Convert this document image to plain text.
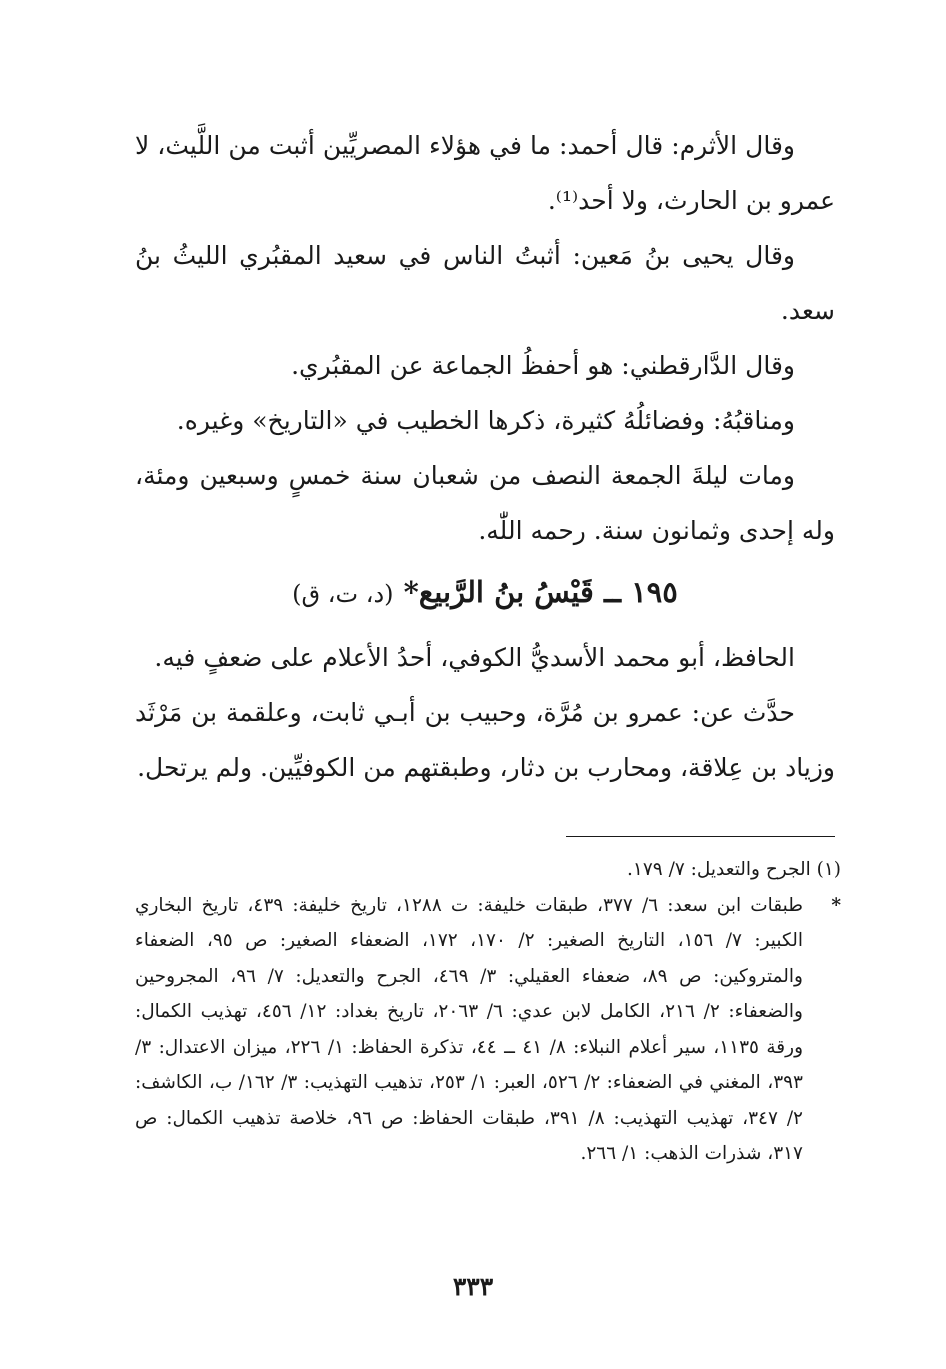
وقال الأثرم: قال أحمد: ما في هؤلاء المصريِّين أثبت من اللَّيث، لا عمرو بن الحارث، ولا أحد⁽¹⁾.

وقال يحيى بنُ مَعين: أثبتُ الناس في سعيد المقبُري الليثُ بنُ سعد.

وقال الدَّارقطني: هو أحفظُ الجماعة عن المقبُري.

ومناقبُهُ: وفضائلُهُ كثيرة، ذكرها الخطيب في «التاريخ» وغيره.

ومات ليلةَ الجمعة النصف من شعبان سنة خمسٍ وسبعين ومئة، وله إحدى وثمانون سنة. رحمه اللّٰه.

١٩٥ ــ قَيْسُ بنُ الرَّبيع* (د، ت، ق)

الحافظ، أبو محمد الأسديُّ الكوفي، أحدُ الأعلام على ضعفٍ فيه.

حدَّث عن: عمرو بن مُرَّة، وحبيب بن أبـي ثابت، وعلقمة بن مَرْثَد وزياد بن عِلاقة، ومحارب بن دثار، وطبقتهم من الكوفيِّين. ولم يرتحل.

(١) الجرح والتعديل: ٧/ ١٧٩.

*
طبقات ابن سعد: ٦/ ٣٧٧، طبقات خليفة: ت ١٢٨٨، تاريخ خليفة: ٤٣٩، تاريخ البخاري الكبير: ٧/ ١٥٦، التاريخ الصغير: ٢/ ١٧٠، ١٧٢، الضعفاء الصغير: ص ٩٥، الضعفاء والمتروكين: ص ٨٩، ضعفاء العقيلي: ٣/ ٤٦٩، الجرح والتعديل: ٧/ ٩٦، المجروحين والضعفاء: ٢/ ٢١٦، الكامل لابن عدي: ٦/ ٢٠٦٣، تاريخ بغداد: ١٢/ ٤٥٦، تهذيب الكمال: ورقة ١١٣٥، سير أعلام النبلاء: ٨/ ٤١ ــ ٤٤، تذكرة الحفاظ: ١/ ٢٢٦، ميزان الاعتدال: ٣/ ٣٩٣، المغني في الضعفاء: ٢/ ٥٢٦، العبر: ١/ ٢٥٣، تذهيب التهذيب: ٣/ ١٦٢/ ب، الكاشف: ٢/ ٣٤٧، تهذيب التهذيب: ٨/ ٣٩١، طبقات الحفاظ: ص ٩٦، خلاصة تذهيب الكمال: ص ٣١٧، شذرات الذهب: ١/ ٢٦٦.

٣٣٣
